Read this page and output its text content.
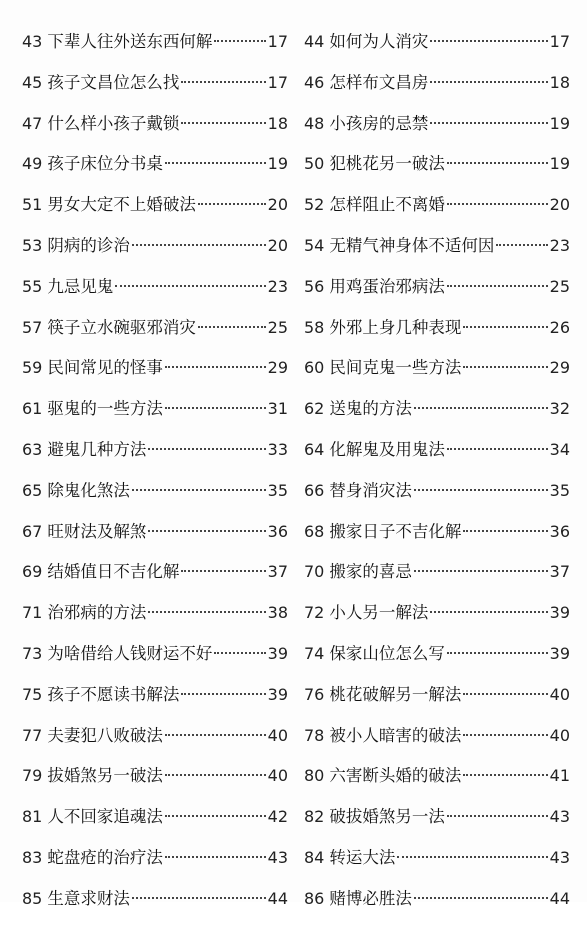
43 下辈人往外送东西何解	17 44 如何为人消灾	17
45 孩子文昌位怎么找	17 46 怎样布文昌房	18
47 什么样小孩子戴锁	18 48 小孩房的忌禁	19
49 孩子床位分书桌	19 50 犯桃花另一破法	19
51 男女大定不上婚破法	20 52 怎样阻止不离婚	20
53 阴病的诊治	20 54 无精气神身体不适何因	23
55 九忌见鬼	23 56 用鸡蛋治邪病法	25
57 筷子立水碗驱邪消灾	25 58 外邪上身几种表现	26
59 民间常见的怪事	29 60 民间克鬼一些方法	29
61 驱鬼的一些方法	31 62 送鬼的方法	32
63 避鬼几种方法	33 64 化解鬼及用鬼法	34
65 除鬼化煞法	35 66 替身消灾法	35
67 旺财法及解煞	36 68 搬家日子不吉化解	36
69 结婚值日不吉化解	37 70 搬家的喜忌	37
71 治邪病的方法	38 72 小人另一解法	39
73 为啥借给人钱财运不好	39 74 保家山位怎么写	39
75 孩子不愿读书解法	39 76 桃花破解另一解法	40
77 夫妻犯八败破法	40 78 被小人暗害的破法	40
79 拔婚煞另一破法	40 80 六害断头婚的破法	41
81 人不回家追魂法	42 82 破拔婚煞另一法	43
83 蛇盘疮的治疗法	43 84 转运大法	43
85 生意求财法	44 86 赌博必胜法	44
